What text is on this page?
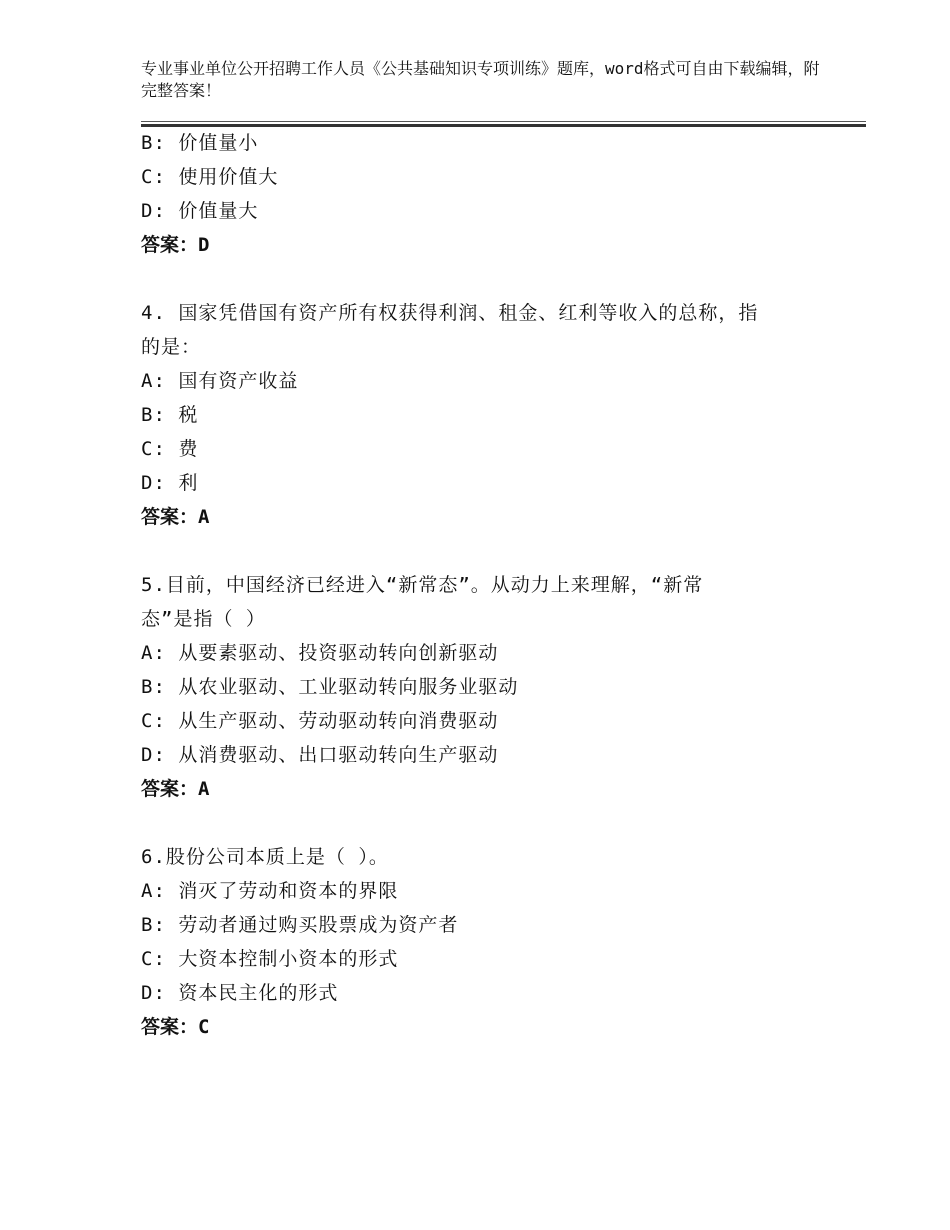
专业事业单位公开招聘工作人员《公共基础知识专项训练》题库，word格式可自由下载编辑，附完整答案！
B: 价值量小
C: 使用价值大
D: 价值量大
答案：D
4. 国家凭借国有资产所有权获得利润、租金、红利等收入的总称，指
的是：
A: 国有资产收益
B: 税
C: 费
D: 利
答案：A
5.目前，中国经济已经进入“新常态”。从动力上来理解，“新常
态”是指（ ）
A: 从要素驱动、投资驱动转向创新驱动
B: 从农业驱动、工业驱动转向服务业驱动
C: 从生产驱动、劳动驱动转向消费驱动
D: 从消费驱动、出口驱动转向生产驱动
答案：A
6.股份公司本质上是（ ）。
A: 消灭了劳动和资本的界限
B: 劳动者通过购买股票成为资产者
C: 大资本控制小资本的形式
D: 资本民主化的形式
答案：C
